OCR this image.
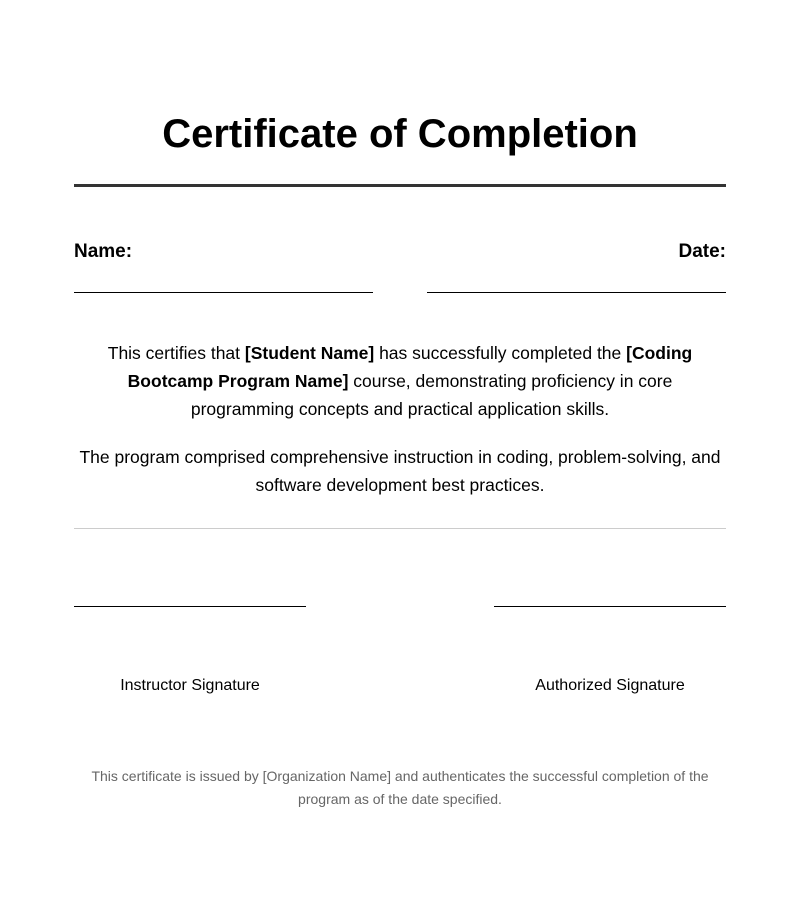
Certificate of Completion
Name:	Date:

This certifies that [Student Name] has successfully completed the [Coding Bootcamp Program Name] course, demonstrating proficiency in core programming concepts and practical application skills.

The program comprised comprehensive instruction in coding, problem-solving, and software development best practices.

Instructor Signature	Authorized Signature

This certificate is issued by [Organization Name] and authenticates the successful completion of the program as of the date specified.
